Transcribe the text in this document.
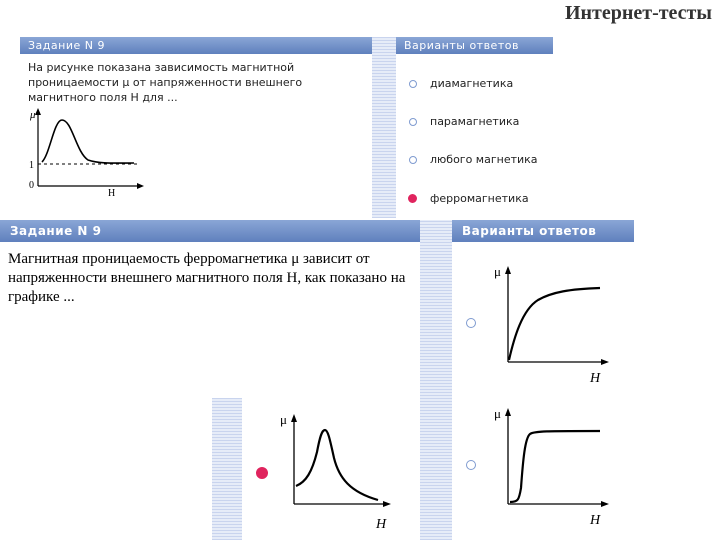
Интернет-тесты
Задание N 9	Варианты ответов
На рисунке показана зависимость магнитной проницаемости μ от напряженности внешнего магнитного поля H для ...
μ
H
1
0
диамагнетика
парамагнетика
любого магнетика
ферромагнетика
Задание N 9	Варианты ответов
Магнитная проницаемость ферромагнетика μ зависит от напряженности внешнего магнитного поля H, как показано на графике ...
μ
H
μ
H
μ
H
